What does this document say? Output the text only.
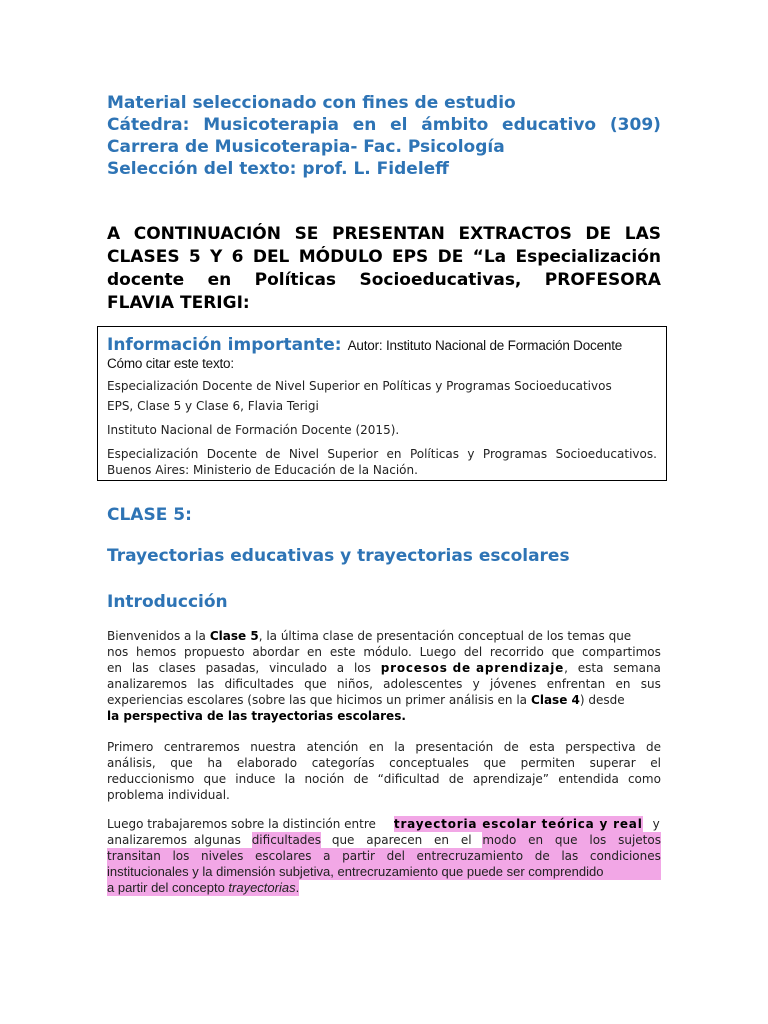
Material seleccionado con fines de estudio
Cátedra: Musicoterapia en el ámbito educativo (309)
Carrera de Musicoterapia- Fac. Psicología
Selección del texto: prof. L. Fideleff
A CONTINUACIÓN SE PRESENTAN EXTRACTOS DE LAS
CLASES 5 Y 6 DEL MÓDULO EPS DE “La Especialización
docente en Políticas Socioeducativas, PROFESORA
FLAVIA TERIGI:
Información importante: Autor: Instituto Nacional de Formación Docente
Cómo citar este texto:
Especialización Docente de Nivel Superior en Políticas y Programas Socioeducativos
EPS, Clase 5 y Clase 6, Flavia Terigi
Instituto Nacional de Formación Docente (2015).
Especialización Docente de Nivel Superior en Políticas y Programas Socioeducativos.
Buenos Aires: Ministerio de Educación de la Nación.
CLASE 5:
Trayectorias educativas y trayectorias escolares
Introducción
Bienvenidos a la Clase 5 , la última clase de presentación conceptual de los temas que
nos hemos propuesto abordar en este módulo. Luego del recorrido que compartimos
en las clases pasadas, vinculado a los procesos de aprendizaje , esta semana
analizaremos las dificultades que niños, adolescentes y jóvenes enfrentan en sus
experiencias escolares (sobre las que hicimos un primer análisis en la Clase 4 ) desde
la perspectiva de las trayectorias escolares.
Primero centraremos nuestra atención en la presentación de esta perspectiva de
análisis, que ha elaborado categorías conceptuales que permiten superar el
reduccionismo que induce la noción de “dificultad de aprendizaje” entendida como
problema individual.
Luego trabajaremos sobre la distinción entre trayectoria escolar teórica y real y
analizaremos algunas dificultades que aparecen en el modo en que los sujetos
transitan los niveles escolares a partir del entrecruzamiento de las condiciones
institucionales y la dimensión subjetiva, entrecruzamiento que puede ser comprendido
a partir del concepto trayectorias .
